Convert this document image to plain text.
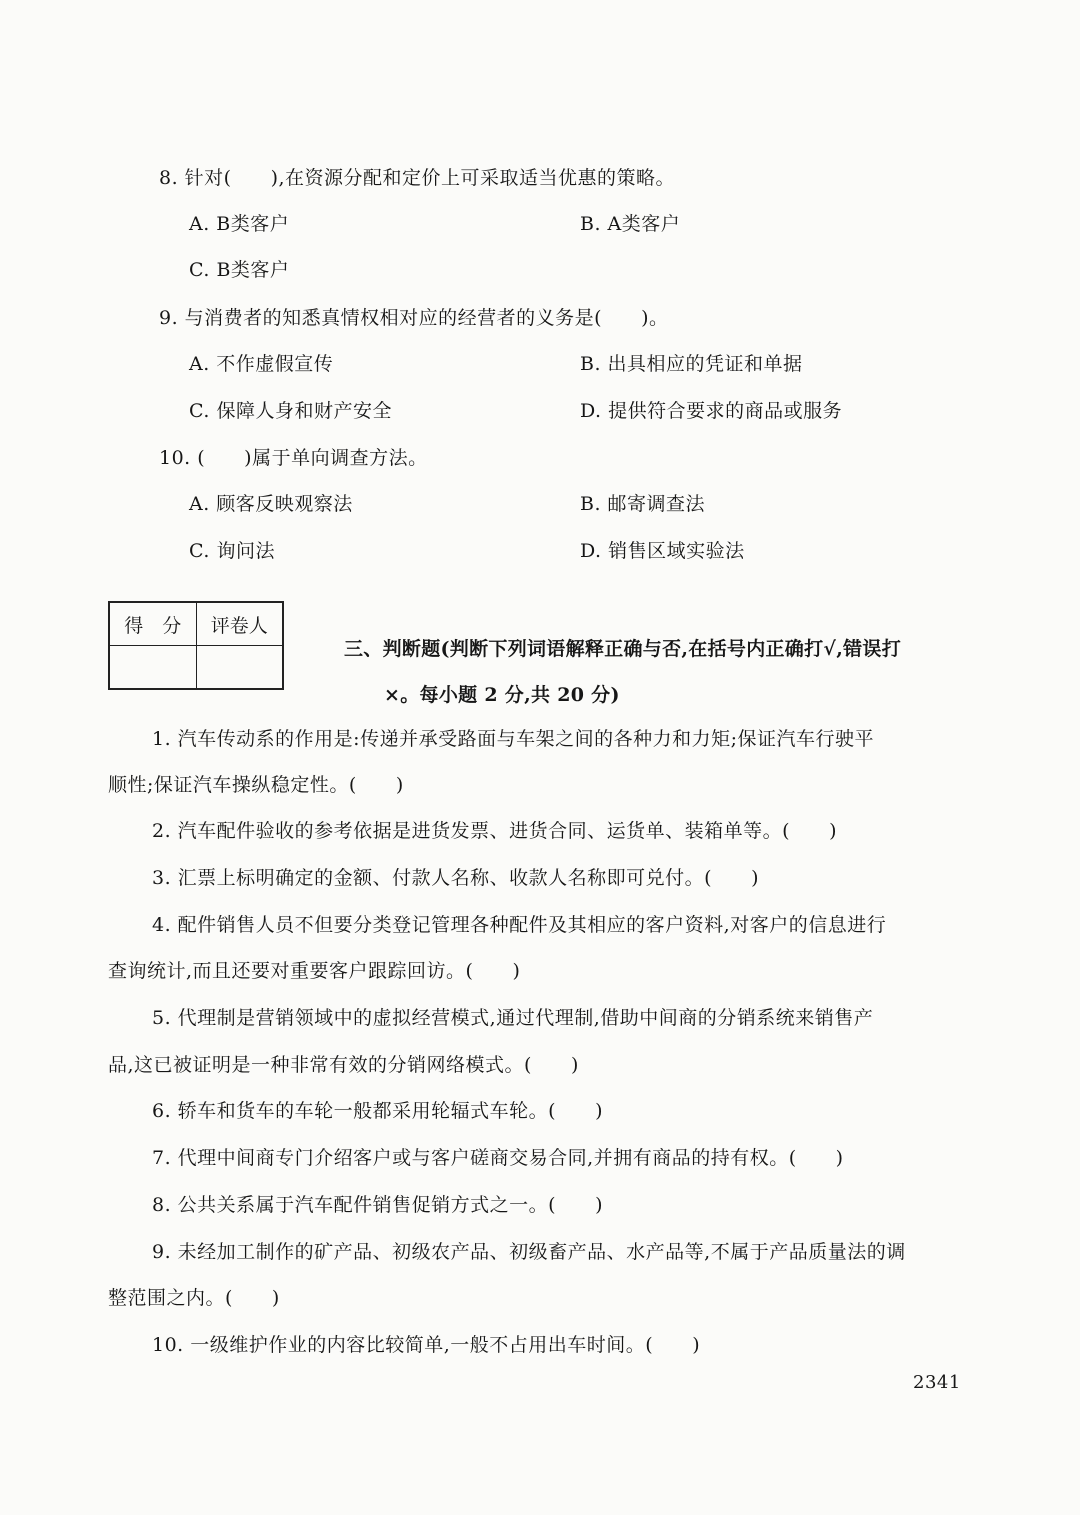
8. 针对(　　),在资源分配和定价上可采取适当优惠的策略。
A. B类客户	B. A类客户
C. B类客户
9. 与消费者的知悉真情权相对应的经营者的义务是(　　)。
A. 不作虚假宣传	B. 出具相应的凭证和单据
C. 保障人身和财产安全	D. 提供符合要求的商品或服务
10. (　　)属于单向调查方法。
A. 顾客反映观察法	B. 邮寄调查法
C. 询问法	D. 销售区域实验法
得　分	评卷人

三、判断题(判断下列词语解释正确与否,在括号内正确打√,错误打
×。每小题 2 分,共 20 分)
1. 汽车传动系的作用是:传递并承受路面与车架之间的各种力和力矩;保证汽车行驶平
顺性;保证汽车操纵稳定性。(　　)
2. 汽车配件验收的参考依据是进货发票、进货合同、运货单、装箱单等。(　　)
3. 汇票上标明确定的金额、付款人名称、收款人名称即可兑付。(　　)
4. 配件销售人员不但要分类登记管理各种配件及其相应的客户资料,对客户的信息进行
查询统计,而且还要对重要客户跟踪回访。(　　)
5. 代理制是营销领域中的虚拟经营模式,通过代理制,借助中间商的分销系统来销售产
品,这已被证明是一种非常有效的分销网络模式。(　　)
6. 轿车和货车的车轮一般都采用轮辐式车轮。(　　)
7. 代理中间商专门介绍客户或与客户磋商交易合同,并拥有商品的持有权。(　　)
8. 公共关系属于汽车配件销售促销方式之一。(　　)
9. 未经加工制作的矿产品、初级农产品、初级畜产品、水产品等,不属于产品质量法的调
整范围之内。(　　)
10. 一级维护作业的内容比较简单,一般不占用出车时间。(　　)
2341
